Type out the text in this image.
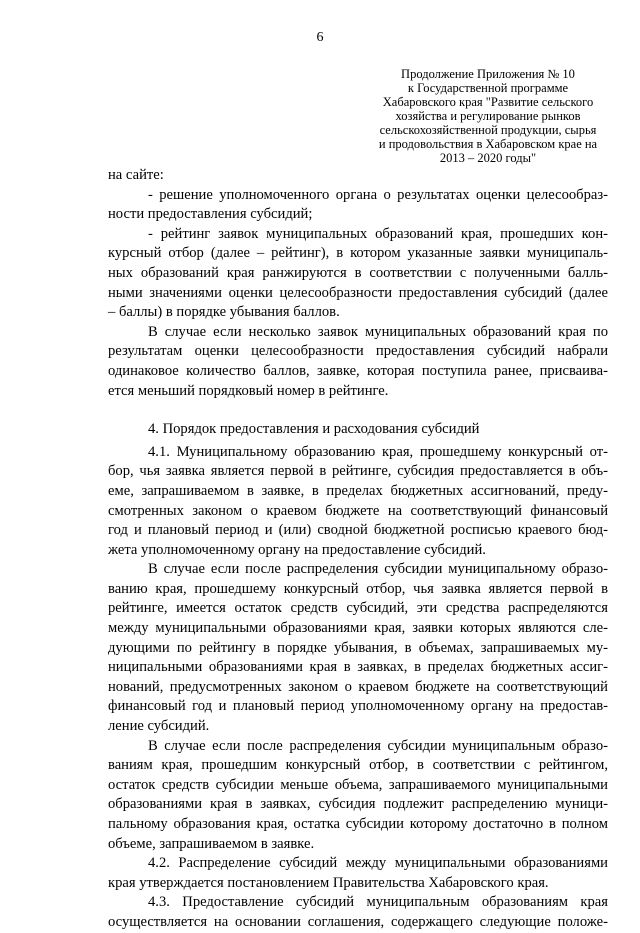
6
Продолжение Приложения № 10
к Государственной программе
Хабаровского края "Развитие сельского
хозяйства и регулирование рынков
сельскохозяйственной продукции, сырья
и продовольствия в Хабаровском крае на
2013 – 2020 годы"
на сайте:
- решение уполномоченного органа о результатах оценки целесообраз-
ности предоставления субсидий;
- рейтинг заявок муниципальных образований края, прошедших кон-
курсный отбор (далее – рейтинг), в котором указанные заявки муниципаль-
ных образований края ранжируются в соответствии с полученными балль-
ными значениями оценки целесообразности предоставления субсидий (далее
– баллы) в порядке убывания баллов.
В случае если несколько заявок муниципальных образований края по
результатам оценки целесообразности предоставления субсидий набрали
одинаковое количество баллов, заявке, которая поступила ранее, присваива-
ется меньший порядковый номер в рейтинге.
4. Порядок предоставления и расходования субсидий
4.1. Муниципальному образованию края, прошедшему конкурсный от-
бор, чья заявка является первой в рейтинге, субсидия предоставляется в объ-
еме, запрашиваемом в заявке, в пределах бюджетных ассигнований, преду-
смотренных законом о краевом бюджете на соответствующий финансовый
год и плановый период и (или) сводной бюджетной росписью краевого бюд-
жета уполномоченному органу на предоставление субсидий.
В случае если после распределения субсидии муниципальному образо-
ванию края, прошедшему конкурсный отбор, чья заявка является первой в
рейтинге, имеется остаток средств субсидий, эти средства распределяются
между муниципальными образованиями края, заявки которых являются сле-
дующими по рейтингу в порядке убывания, в объемах, запрашиваемых му-
ниципальными образованиями края в заявках, в пределах бюджетных ассиг-
нований, предусмотренных законом о краевом бюджете на соответствующий
финансовый год и плановый период уполномоченному органу на предостав-
ление субсидий.
В случае если после распределения субсидии муниципальным образо-
ваниям края, прошедшим конкурсный отбор, в соответствии с рейтингом,
остаток средств субсидии меньше объема, запрашиваемого муниципальными
образованиями края в заявках, субсидия подлежит распределению муници-
пальному образования края, остатка субсидии которому достаточно в полном
объеме, запрашиваемом в заявке.
4.2. Распределение субсидий между муниципальными образованиями
края утверждается постановлением Правительства Хабаровского края.
4.3. Предоставление субсидий муниципальным образованиям края
осуществляется на основании соглашения, содержащего следующие положе-
